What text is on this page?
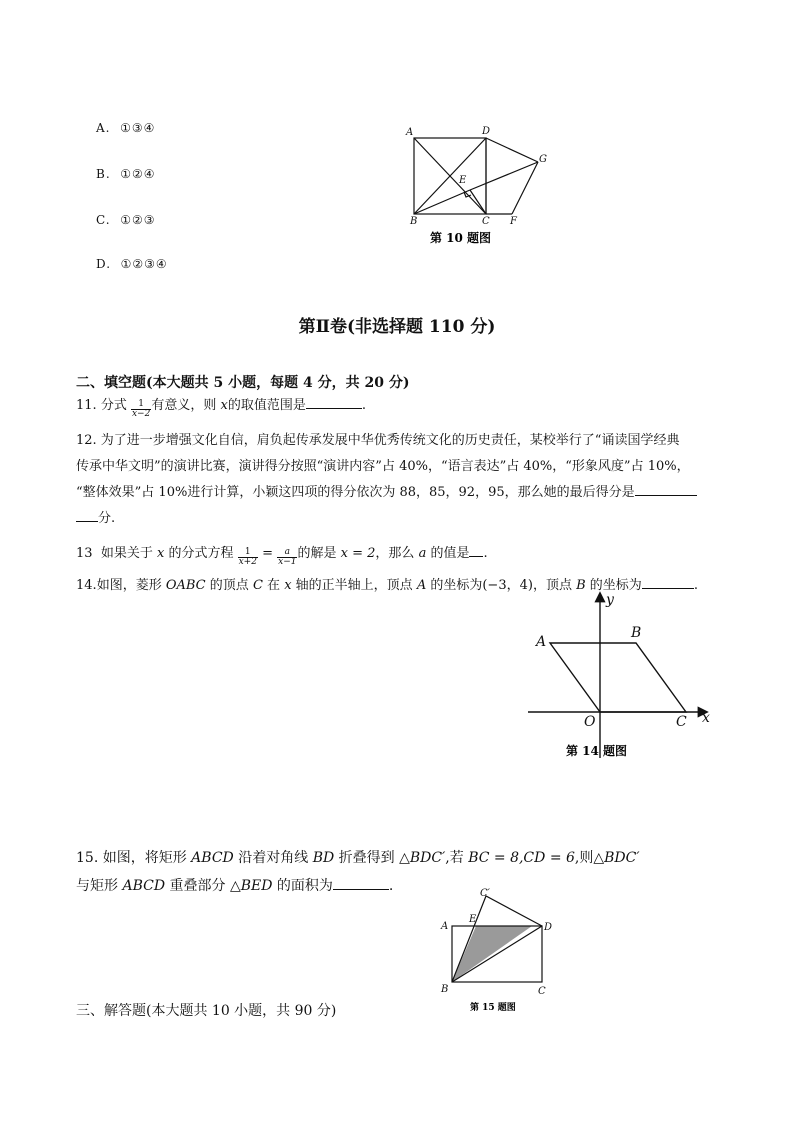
A. ①③④
B. ①②④
C. ①②③
D. ①②③④
A	D
G
E
B	C F
第 10 题图
第Ⅱ卷(非选择题 110 分)
二、填空题(本大题共 5 小题，每题 4 分，共 20 分)
11. 分式 $\frac{1}{x-2}$ 有意义，则 x的取值范围是	.
12. 为了进一步增强文化自信，肩负起传承发展中华优秀传统文化的历史责任，某校举行了“诵读国学经典
传承中华文明”的演讲比赛，演讲得分按照“演讲内容”占 40%，“语言表达”占 40%，“形象风度”占 10%，
“整体效果”占 10%进行计算，小颖这四项的得分依次为 88，85，92，95，那么她的最后得分是
分.
13 如果关于 x 的分式方程 $\frac{1}{x+2} = \frac{a}{x-1}$ 的解是 x = 2，那么 a 的值是 .
14.如图，菱形 OABC 的顶点 C 在 x 轴的正半轴上，顶点 A 的坐标为(−3，4)，顶点 B 的坐标为	.
y
A
B
O	C x
第 14 题图
15. 如图，将矩形 ABCD 沿着对角线 BD 折叠得到 △BDC′,若 BC = 8,CD = 6,则△BDC′
与矩形 ABCD 重叠部分 △BED 的面积为	.	C′
A
E
D
B	C
第 15 题图
三、解答题(本大题共 10 小题，共 90 分)
